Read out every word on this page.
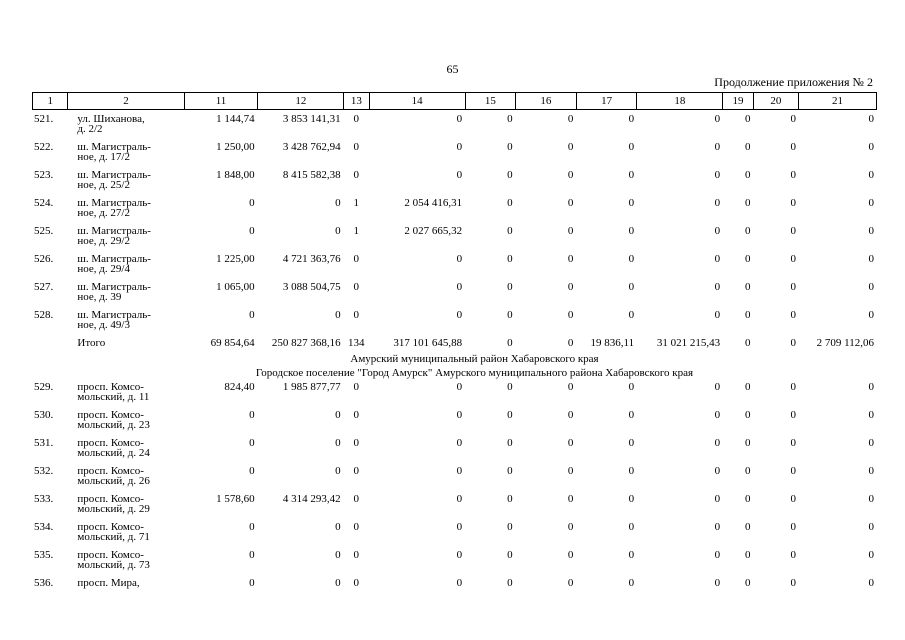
65
Продолжение приложения № 2
1	2	11	12	13	14	15	16	17	18	19	20	21
521.	ул. Шиханова,
д. 2/2	1 144,74	3 853 141,31	0	0	0	0	0	0	0	0	0
522.	ш. Магистраль-
ное, д. 17/2	1 250,00	3 428 762,94	0	0	0	0	0	0	0	0	0
523.	ш. Магистраль-
ное, д. 25/2	1 848,00	8 415 582,38	0	0	0	0	0	0	0	0	0
524.	ш. Магистраль-
ное, д. 27/2	0	0	1	2 054 416,31	0	0	0	0	0	0	0
525.	ш. Магистраль-
ное, д. 29/2	0	0	1	2 027 665,32	0	0	0	0	0	0	0
526.	ш. Магистраль-
ное, д. 29/4	1 225,00	4 721 363,76	0	0	0	0	0	0	0	0	0
527.	ш. Магистраль-
ное, д. 39	1 065,00	3 088 504,75	0	0	0	0	0	0	0	0	0
528.	ш. Магистраль-
ное, д. 49/3	0	0	0	0	0	0	0	0	0	0	0
	Итого	69 854,64	250 827 368,16	134	317 101 645,88	0	0	19 836,11	31 021 215,43	0	0	2 709 112,06
Амурский муниципальный район Хабаровского края												
Городское поселение "Город Амурск" Амурского муниципального района Хабаровского края												
529.	просп. Комсо-
мольский, д. 11	824,40	1 985 877,77	0	0	0	0	0	0	0	0	0
530.	просп. Комсо-
мольский, д. 23	0	0	0	0	0	0	0	0	0	0	0
531.	просп. Комсо-
мольский, д. 24	0	0	0	0	0	0	0	0	0	0	0
532.	просп. Комсо-
мольский, д. 26	0	0	0	0	0	0	0	0	0	0	0
533.	просп. Комсо-
мольский, д. 29	1 578,60	4 314 293,42	0	0	0	0	0	0	0	0	0
534.	просп. Комсо-
мольский, д. 71	0	0	0	0	0	0	0	0	0	0	0
535.	просп. Комсо-
мольский, д. 73	0	0	0	0	0	0	0	0	0	0	0
536.	просп. Мира,	0	0	0	0	0	0	0	0	0	0	0
